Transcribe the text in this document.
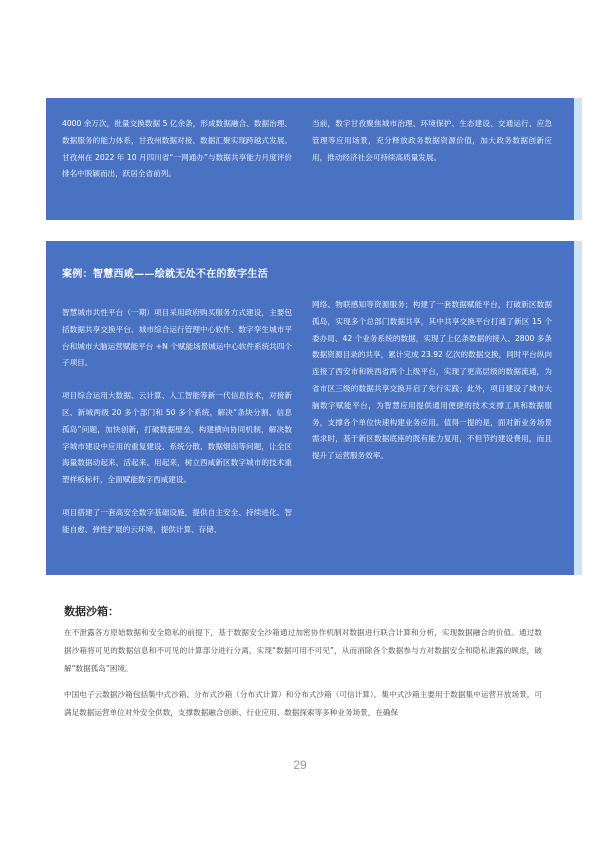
4000 余万次，批量交换数据 5 亿余条，形成数据融合、数据治理、数据服务的能力体系，甘孜州数据对接、数据汇聚实现跨越式发展。甘孜州在 2022 年 10 月四川省“一网通办”与数据共享能力月度评价排名中脱颖而出，跃居全省前列。
当前，数字甘孜聚焦城市治理、环境保护、生态建设、交通运行、应急管理等应用场景，充分释放政务数据资源价值，加大政务数据创新应用，推动经济社会可持续高质量发展。
案例：智慧西咸——绘就无处不在的数字生活

智慧城市共性平台（一期）项目采用政府购买服务方式建设，主要包括数据共享交换平台、城市综合运行管理中心软件、数字孪生城市平台和城市大脑运营赋能平台 +N 个赋能场景城运中心软件系统共四个子项目。

项目综合运用大数据、云计算、人工智能等新一代信息技术，对接新区、新城两级 20 多个部门和 50 多个系统，解决“条块分割、信息孤岛”问题，加快创新，打破数据壁垒，构建横向协同机制，解决数字城市建设中应用的重复建设、系统分散、数据烟囱等问题，让全区海量数据动起来、活起来、用起来，树立西咸新区数字城市的技术重塑样板标杆，全面赋能数字西咸建设。

项目搭建了一套高安全数字基础设施，提供自主安全、持续进化、智能自愈、弹性扩展的云环境，提供计算、存储、

网络、物联感知等资源服务；构建了一套数据赋能平台，打破新区数据孤岛，实现多个总部门数据共享，其中共享交换平台打通了新区 15 个委办局、42 个业务系统的数据，实现了上亿条数据的接入、2800 多条数据资源目录的共享，累计完成 23.92 亿次的数据交换，同时平台纵向连接了西安市和陕西省两个上级平台，实现了更高层级的数据流通，为省市区三级的数据共享交换开启了先行实践；此外，项目建设了城市大脑数字赋能平台，为智慧应用提供通用便捷的技术支撑工具和数据服务，支撑各个单位快速构建业务应用。值得一提的是，面对新业务场景需求时，基于新区数据底座的既有能力复用，不但节约建设费用，而且提升了运营服务效率。

数据沙箱：
在不泄露各方原始数据和安全隐私的前提下，基于数据安全沙箱通过加密协作机制对数据进行联合计算和分析，实现数据融合的价值。通过数据沙箱将可见的数据信息和不可见的计算部分进行分离，实现“数据可用不可见”，从而消除各个数据参与方对数据安全和隐私泄露的顾虑，破解“数据孤岛”困境。
中国电子云数据沙箱包括集中式沙箱、分布式沙箱（分布式计算）和分布式沙箱（可信计算）。集中式沙箱主要用于数据集中运营开放场景，可满足数据运营单位对外安全供数，支撑数据融合创新、行业应用、数据探索等多种业务场景，在确保
29
